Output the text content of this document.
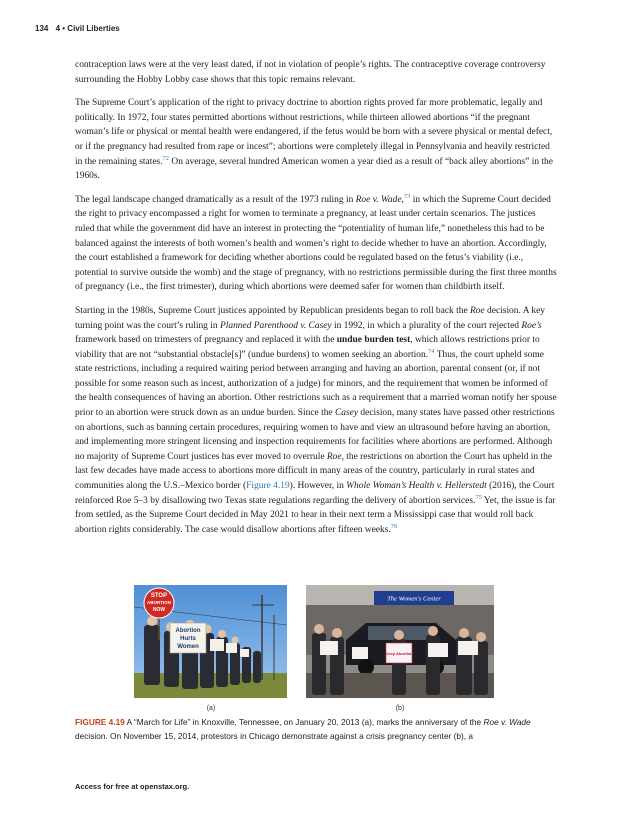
134 4 • Civil Liberties

contraception laws were at the very least dated, if not in violation of people’s rights. The contraceptive coverage controversy surrounding the Hobby Lobby case shows that this topic remains relevant.

The Supreme Court’s application of the right to privacy doctrine to abortion rights proved far more problematic, legally and politically. In 1972, four states permitted abortions without restrictions, while thirteen allowed abortions “if the pregnant woman’s life or physical or mental health were endangered, if the fetus would be born with a severe physical or mental defect, or if the pregnancy had resulted from rape or incest”; abortions were completely illegal in Pennsylvania and heavily restricted in the remaining states.$^{72}$ On average, several hundred American women a year died as a result of “back alley abortions” in the 1960s.

The legal landscape changed dramatically as a result of the 1973 ruling in Roe v. Wade,$^{73}$ in which the Supreme Court decided the right to privacy encompassed a right for women to terminate a pregnancy, at least under certain scenarios. The justices ruled that while the government did have an interest in protecting the “potentiality of human life,” nonetheless this had to be balanced against the interests of both women’s health and women’s right to decide whether to have an abortion. Accordingly, the court established a framework for deciding whether abortions could be regulated based on the fetus’s viability (i.e., potential to survive outside the womb) and the stage of pregnancy, with no restrictions permissible during the first three months of pregnancy (i.e., the first trimester), during which abortions were deemed safer for women than childbirth itself.

Starting in the 1980s, Supreme Court justices appointed by Republican presidents began to roll back the Roe decision. A key turning point was the court’s ruling in Planned Parenthood v. Casey in 1992, in which a plurality of the court rejected Roe’s framework based on trimesters of pregnancy and replaced it with the undue burden test, which allows restrictions prior to viability that are not “substantial obstacle[s]” (undue burdens) to women seeking an abortion.$^{74}$ Thus, the court upheld some state restrictions, including a required waiting period between arranging and having an abortion, parental consent (or, if not possible for some reason such as incest, authorization of a judge) for minors, and the requirement that women be informed of the health consequences of having an abortion. Other restrictions such as a requirement that a married woman notify her spouse prior to an abortion were struck down as an undue burden. Since the Casey decision, many states have passed other restrictions on abortions, such as banning certain procedures, requiring women to have and view an ultrasound before having an abortion, and implementing more stringent licensing and inspection requirements for facilities where abortions are performed. Although no majority of Supreme Court justices has ever moved to overrule Roe, the restrictions on abortion the Court has upheld in the last few decades have made access to abortions more difficult in many areas of the country, particularly in rural states and communities along the U.S.–Mexico border (Figure 4.19). However, in Whole Woman’s Health v. Hellerstedt (2016), the Court reinforced Roe 5–3 by disallowing two Texas state regulations regarding the delivery of abortion services.$^{75}$ Yet, the issue is far from settled, as the Supreme Court decided in May 2021 to hear in their next term a Mississippi case that would roll back abortion rights considerably. The case would disallow abortions after fifteen weeks.$^{76}$

STOP
ABORTION
NOW
Abortion
Hurts
Women
The Women's Center
Keep Abortion
(a)	(b)
FIGURE 4.19 A “March for Life” in Knoxville, Tennessee, on January 20, 2013 (a), marks the anniversary of the Roe v. Wade decision. On November 15, 2014, protestors in Chicago demonstrate against a crisis pregnancy center (b), a
Access for free at openstax.org.
